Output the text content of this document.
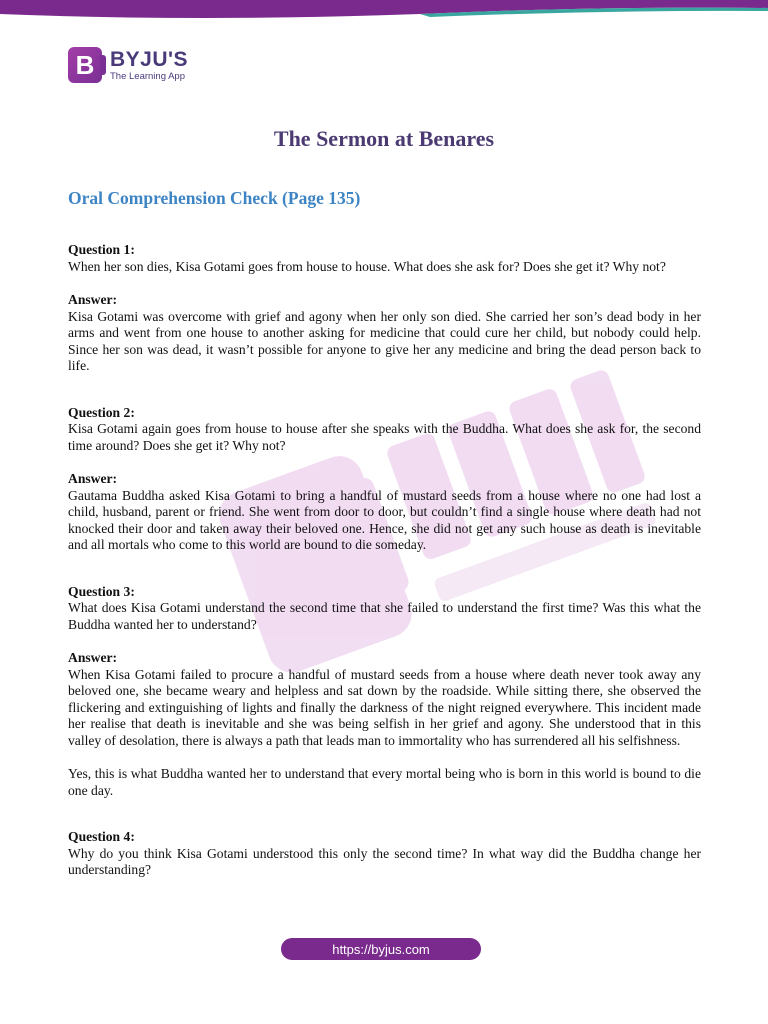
B BYJU'S
The Learning App
The Sermon at Benares
Oral Comprehension Check (Page 135)
Question 1:
When her son dies, Kisa Gotami goes from house to house. What does she ask for? Does she get it? Why not?
Answer:
Kisa Gotami was overcome with grief and agony when her only son died. She carried her son’s dead body in her arms and went from one house to another asking for medicine that could cure her child, but nobody could help. Since her son was dead, it wasn’t possible for anyone to give her any medicine and bring the dead person back to life.
Question 2:
Kisa Gotami again goes from house to house after she speaks with the Buddha. What does she ask for, the second time around? Does she get it? Why not?
Answer:
Gautama Buddha asked Kisa Gotami to bring a handful of mustard seeds from a house where no one had lost a child, husband, parent or friend. She went from door to door, but couldn’t find a single house where death had not knocked their door and taken away their beloved one. Hence, she did not get any such house as death is inevitable and all mortals who come to this world are bound to die someday.
Question 3:
What does Kisa Gotami understand the second time that she failed to understand the first time? Was this what the Buddha wanted her to understand?
Answer:
When Kisa Gotami failed to procure a handful of mustard seeds from a house where death never took away any beloved one, she became weary and helpless and sat down by the roadside. While sitting there, she observed the flickering and extinguishing of lights and finally the darkness of the night reigned everywhere. This incident made her realise that death is inevitable and she was being selfish in her grief and agony. She understood that in this valley of desolation, there is always a path that leads man to immortality who has surrendered all his selfishness.
Yes, this is what Buddha wanted her to understand that every mortal being who is born in this world is bound to die one day.
Question 4:
Why do you think Kisa Gotami understood this only the second time? In what way did the Buddha change her understanding?
https://byjus.com
